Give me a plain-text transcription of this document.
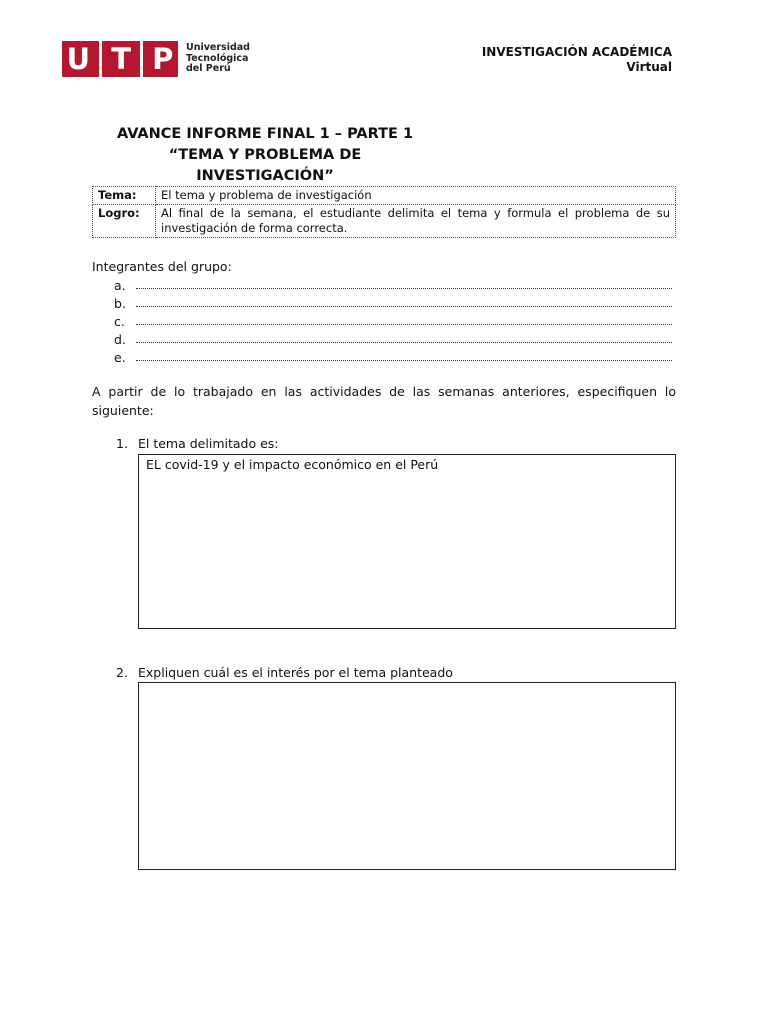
U T P Universidad
Tecnológica
del Perú
INVESTIGACIÓN ACADÉMICA
Virtual
AVANCE INFORME FINAL 1 – PARTE 1
“TEMA Y PROBLEMA DE INVESTIGACIÓN”
Tema:	El tema y problema de investigación
Logro:	Al final de la semana, el estudiante delimita el tema y formula el problema de su investigación de forma correcta.
Integrantes del grupo:
a.
b.
c.
d.
e.
A partir de lo trabajado en las actividades de las semanas anteriores, especifiquen lo siguiente:
1. El tema delimitado es:
EL covid-19 y el impacto económico en el Perú
2. Expliquen cuál es el interés por el tema planteado
